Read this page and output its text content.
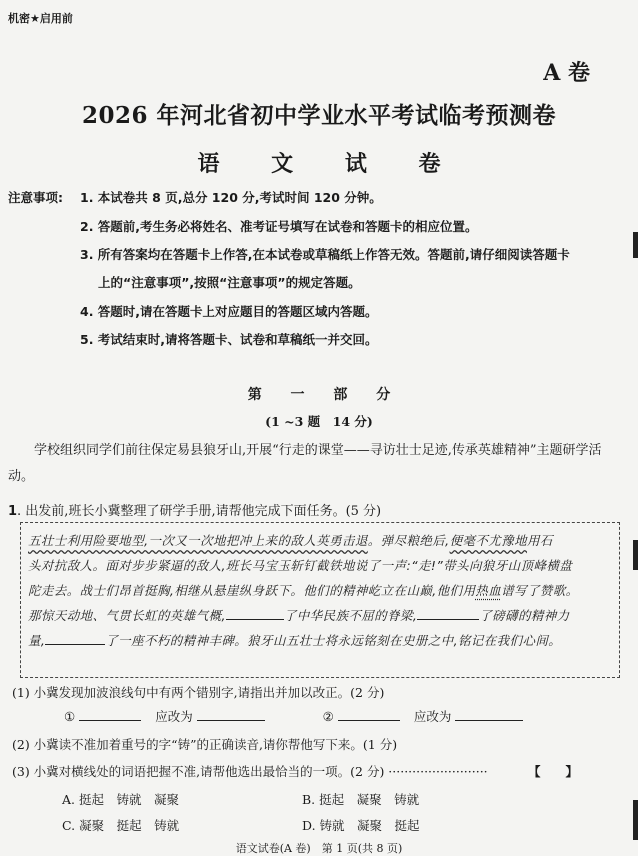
机密★启用前
A 卷
2026 年河北省初中学业水平考试临考预测卷
语 文 试 卷
注意事项: 1. 本试卷共 8 页,总分 120 分,考试时间 120 分钟。
2. 答题前,考生务必将姓名、准考证号填写在试卷和答题卡的相应位置。
3. 所有答案均在答题卡上作答,在本试卷或草稿纸上作答无效。答题前,请仔细阅读答题卡
上的“注意事项”,按照“注意事项”的规定答题。
4. 答题时,请在答题卡上对应题目的答题区域内答题。
5. 考试结束时,请将答题卡、试卷和草稿纸一并交回。
第 一 部 分
(1 ~3 题　14 分)
学校组织同学们前往保定易县狼牙山,开展“行走的课堂——寻访壮士足迹,传承英雄精神”主题研学活动。
1. 出发前,班长小冀整理了研学手册,请帮他完成下面任务。(5 分)
五壮士利用险要地型,一次又一次地把冲上来的敌人英勇击退。弹尽粮绝后,便毫不尤豫地用石
头对抗敌人。面对步步紧逼的敌人,班长马宝玉斩钉截铁地说了一声:“走!”带头向狼牙山顶峰横盘
陀走去。战士们昂首挺胸,相继从悬崖纵身跃下。他们的精神屹立在山巅,他们用热血谱写了赞歌。
那惊天动地、气贯长虹的英雄气概,	了中华民族不屈的脊梁,	了磅礴的精神力
量,	了一座不朽的精神丰碑。狼牙山五壮士将永远铭刻在史册之中,铭记在我们心间。
(1) 小冀发现加波浪线句中有两个错别字,请指出并加以改正。(2 分)
①	应改为	②	应改为
(2) 小冀读不准加着重号的字“铸”的正确读音,请你帮他写下来。(1 分)
(3) 小冀对横线处的词语把握不准,请帮他选出最恰当的一项。(2 分) ·························	【　　】
A. 挺起　铸就　凝聚	B. 挺起　凝聚　铸就
C. 凝聚　挺起　铸就	D. 铸就　凝聚　挺起
语文试卷(A 卷)　第 1 页(共 8 页)
